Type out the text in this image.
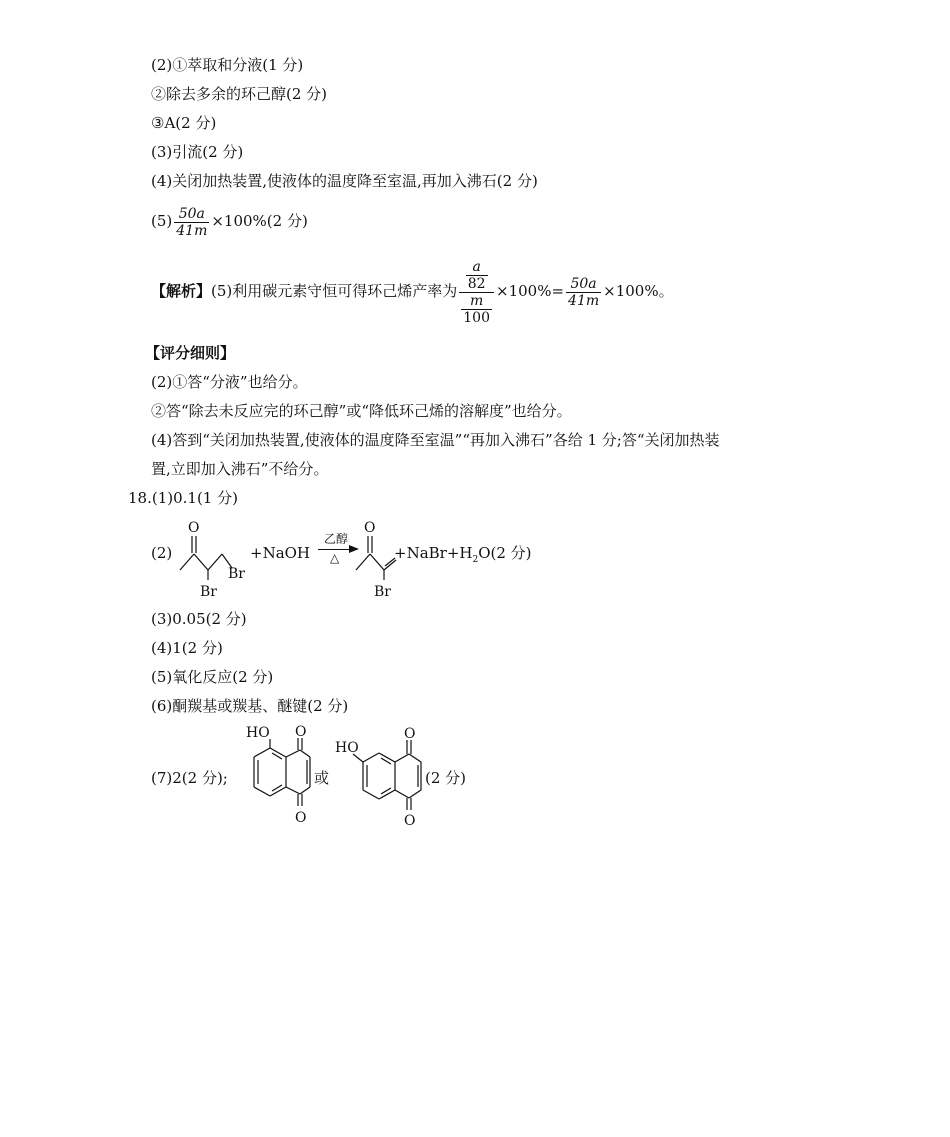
(2)①萃取和分液(1 分)
②除去多余的环己醇(2 分)
③A(2 分)
(3)引流(2 分)
(4)关闭加热装置,使液体的温度降至室温,再加入沸石(2 分)
$(5) \frac{50a}{41m} \times 100\%(2$ 分)
【解析】(5)利用碳元素守恒可得环己烯产率为 $\frac{\frac{a}{82}}{\frac{m}{100}} \times 100\%= \frac{50a}{41m} \times 100\%$。
【评分细则】
(2)①答“分液”也给分。
②答“除去未反应完的环己醇”或“降低环己烯的溶解度”也给分。
(4)答到“关闭加热装置,使液体的温度降至室温”“再加入沸石”各给 1 分;答“关闭加热装
置,立即加入沸石”不给分。
18.(1)0.1(1 分)
(2)
O
Br
Br
+NaOH
乙醇
△
O
Br
$+NaBr+H_2O(2$ 分)
(3)0.05(2 分)
(4)1(2 分)
(5)氧化反应(2 分)
(6)酮羰基或羰基、醚键(2 分)
(7)2(2 分);
HO O
O
或
HO
O
O
(2 分)
